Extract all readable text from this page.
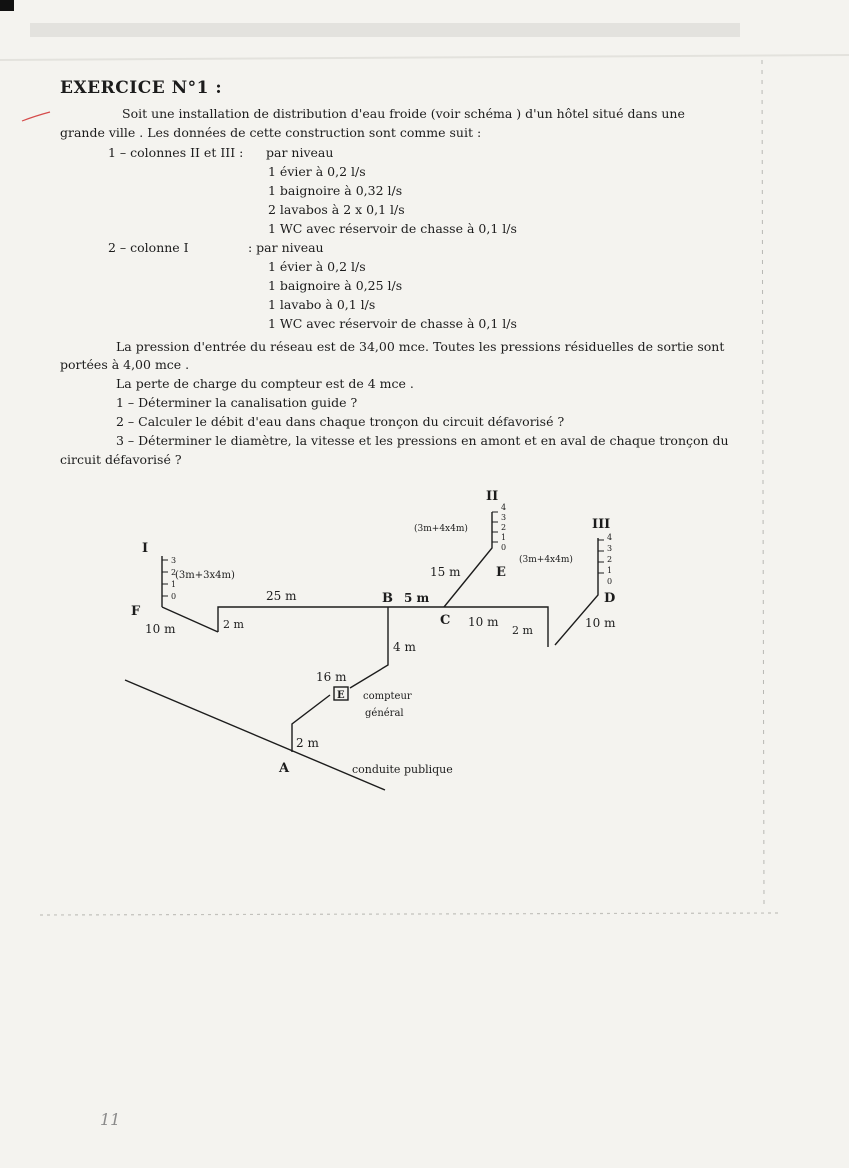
EXERCICE N°1 :
Soit une installation de distribution d'eau froide (voir schéma ) d'un hôtel situé dans une
grande ville . Les données de cette construction sont comme suit :
1 – colonnes II et III : par niveau
1 évier à 0,2 l/s
1 baignoire à 0,32 l/s
2 lavabos à 2 x 0,1 l/s
1 WC avec réservoir de chasse à 0,1 l/s
2 – colonne I	: par niveau
1 évier à 0,2 l/s
1 baignoire à 0,25 l/s
1 lavabo à 0,1 l/s
1 WC avec réservoir de chasse à 0,1 l/s
La pression d'entrée du réseau est de 34,00 mce. Toutes les pressions résiduelles de sortie sont
portées à 4,00 mce .
La perte de charge du compteur est de 4 mce .
1 – Déterminer la canalisation guide ?
2 – Calculer le débit d'eau dans chaque tronçon du circuit défavorisé ?
3 – Déterminer le diamètre, la vitesse et les pressions en amont et en aval de chaque tronçon du
circuit défavorisé ?
I
II
III
3
2
1
0
4
3
2
1
0
4
3
2
1
0
(3m+3x4m)
(3m+4x4m)
(3m+4x4m)
F
B
C
D
E
A
25 m	5 m
15 m
10 m	2 m	10 m
2 m
10 m
4 m
16 m
2 m
E compteur
général
conduite publique
11
